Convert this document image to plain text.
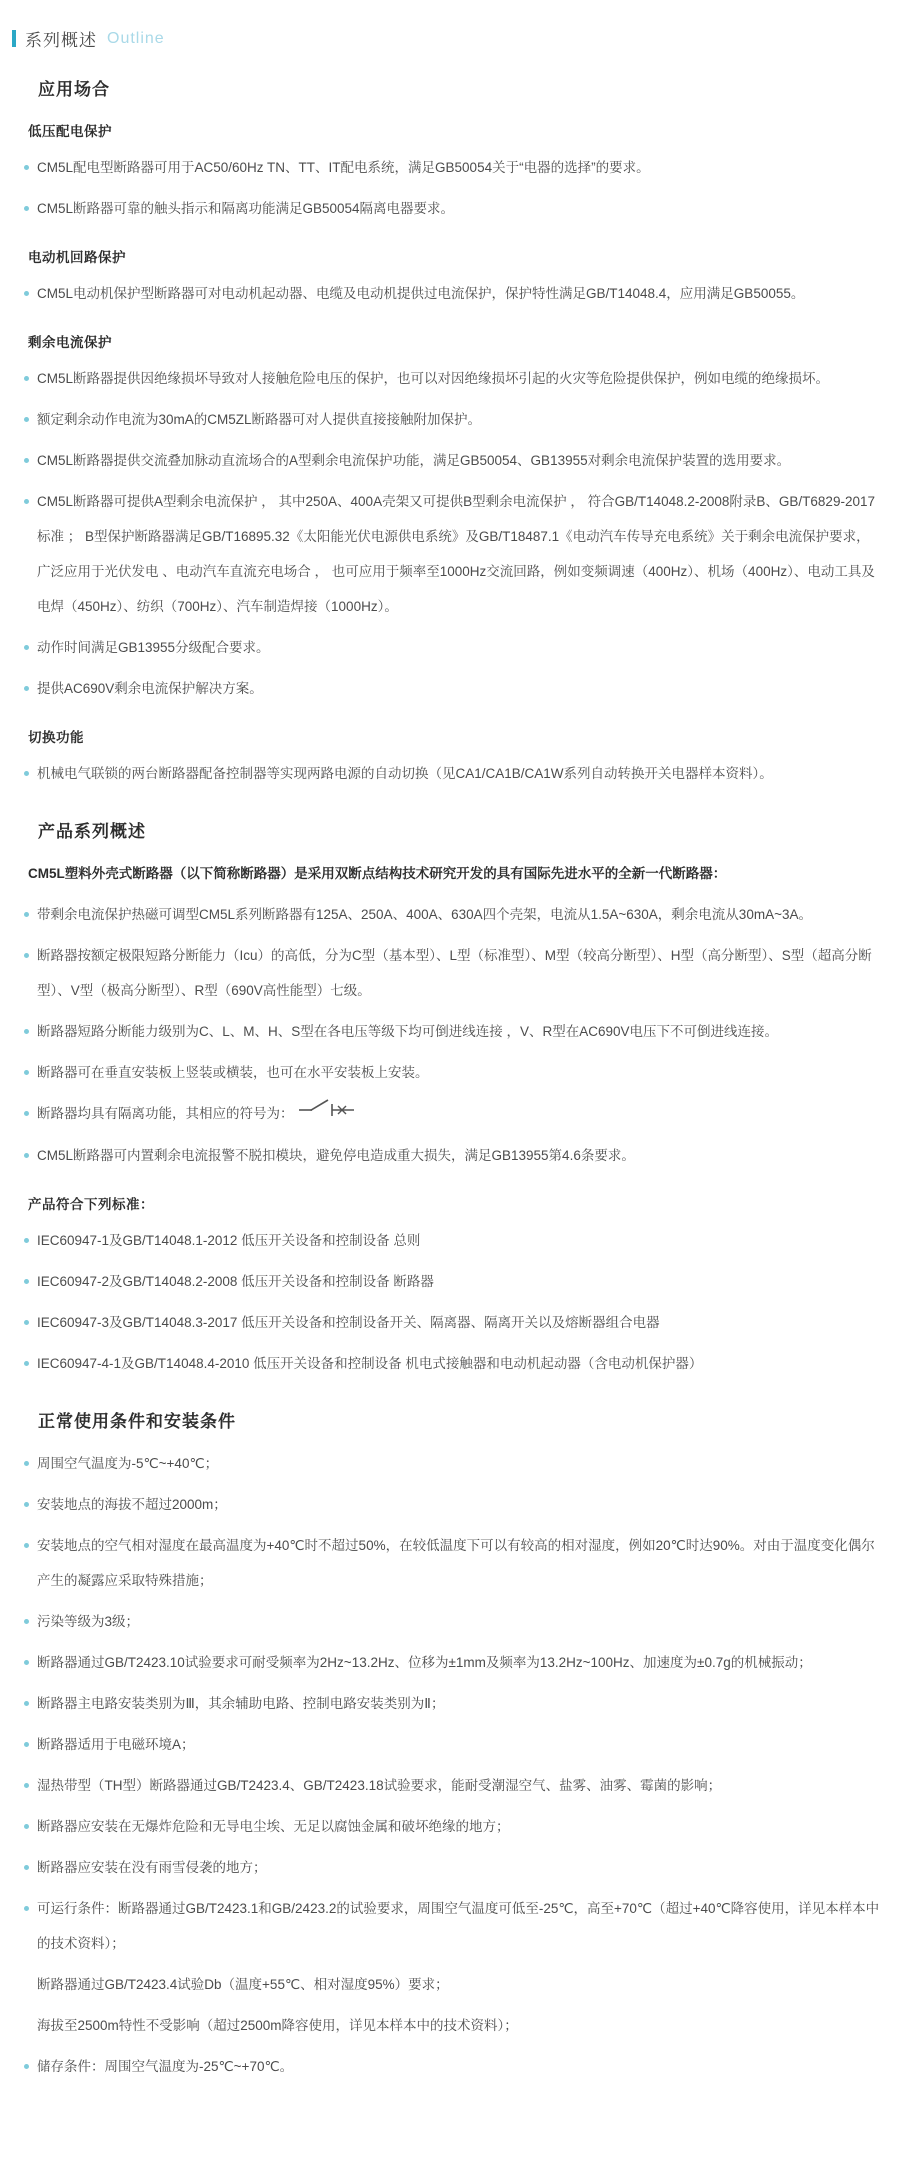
系列概述 Outline
应用场合
低压配电保护
CM5L配电型断路器可用于AC50/60Hz TN、TT、IT配电系统，满足GB50054关于“电器的选择”的要求。
CM5L断路器可靠的触头指示和隔离功能满足GB50054隔离电器要求。
电动机回路保护
CM5L电动机保护型断路器可对电动机起动器、电缆及电动机提供过电流保护，保护特性满足GB/T14048.4，应用满足GB50055。
剩余电流保护
CM5L断路器提供因绝缘损坏导致对人接触危险电压的保护，也可以对因绝缘损坏引起的火灾等危险提供保护，例如电缆的绝缘损坏。
额定剩余动作电流为30mA的CM5ZL断路器可对人提供直接接触附加保护。
CM5L断路器提供交流叠加脉动直流场合的A型剩余电流保护功能，满足GB50054、GB13955对剩余电流保护装置的选用要求。
CM5L断路器可提供A型剩余电流保护 ， 其中250A、400A壳架又可提供B型剩余电流保护 ， 符合GB/T14048.2-2008附录B、GB/T6829-2017标准 ； B型保护断路器满足GB/T16895.32《太阳能光伏电源供电系统》及GB/T18487.1《电动汽车传导充电系统》关于剩余电流保护要求，广泛应用于光伏发电 、电动汽车直流充电场合 ， 也可应用于频率至1000Hz交流回路，例如变频调速（400Hz）、机场（400Hz）、电动工具及电焊（450Hz）、纺织（700Hz）、汽车制造焊接（1000Hz）。
动作时间满足GB13955分级配合要求。
提供AC690V剩余电流保护解决方案。
切换功能
机械电气联锁的两台断路器配备控制器等实现两路电源的自动切换（见CA1/CA1B/CA1W系列自动转换开关电器样本资料）。
产品系列概述

CM5L塑料外壳式断路器（以下简称断路器）是采用双断点结构技术研究开发的具有国际先进水平的全新一代断路器：

带剩余电流保护热磁可调型CM5L系列断路器有125A、250A、400A、630A四个壳架，电流从1.5A~630A，剩余电流从30mA~3A。
断路器按额定极限短路分断能力（Icu）的高低，分为C型（基本型）、L型（标准型）、M型（较高分断型）、H型（高分断型）、S型（超高分断型）、V型（极高分断型）、R型（690V高性能型）七级。
断路器短路分断能力级别为C、L、M、H、S型在各电压等级下均可倒进线连接 ，V、R型在AC690V电压下不可倒进线连接。
断路器可在垂直安装板上竖装或横装，也可在水平安装板上安装。
断路器均具有隔离功能，其相应的符号为：
CM5L断路器可内置剩余电流报警不脱扣模块，避免停电造成重大损失，满足GB13955第4.6条要求。
产品符合下列标准：
IEC60947-1及GB/T14048.1-2012 低压开关设备和控制设备 总则
IEC60947-2及GB/T14048.2-2008 低压开关设备和控制设备 断路器
IEC60947-3及GB/T14048.3-2017 低压开关设备和控制设备开关、隔离器、隔离开关以及熔断器组合电器
IEC60947-4-1及GB/T14048.4-2010 低压开关设备和控制设备 机电式接触器和电动机起动器（含电动机保护器）
正常使用条件和安装条件
周围空气温度为-5℃~+40℃；
安装地点的海拔不超过2000m；
安装地点的空气相对湿度在最高温度为+40℃时不超过50%，在较低温度下可以有较高的相对湿度，例如20℃时达90%。对由于温度变化偶尔产生的凝露应采取特殊措施；
污染等级为3级；
断路器通过GB/T2423.10试验要求可耐受频率为2Hz~13.2Hz、位移为±1mm及频率为13.2Hz~100Hz、加速度为±0.7g的机械振动；
断路器主电路安装类别为Ⅲ，其余辅助电路、控制电路安装类别为Ⅱ；
断路器适用于电磁环境A；
湿热带型（TH型）断路器通过GB/T2423.4、GB/T2423.18试验要求，能耐受潮湿空气、盐雾、油雾、霉菌的影响；
断路器应安装在无爆炸危险和无导电尘埃、无足以腐蚀金属和破坏绝缘的地方；
断路器应安装在没有雨雪侵袭的地方；
可运行条件：断路器通过GB/T2423.1和GB/2423.2的试验要求，周围空气温度可低至-25℃，高至+70℃（超过+40℃降容使用，详见本样本中的技术资料）；
断路器通过GB/T2423.4试验Db（温度+55℃、相对湿度95%）要求；
海拔至2500m特性不受影响（超过2500m降容使用，详见本样本中的技术资料）；
储存条件：周围空气温度为-25℃~+70℃。
